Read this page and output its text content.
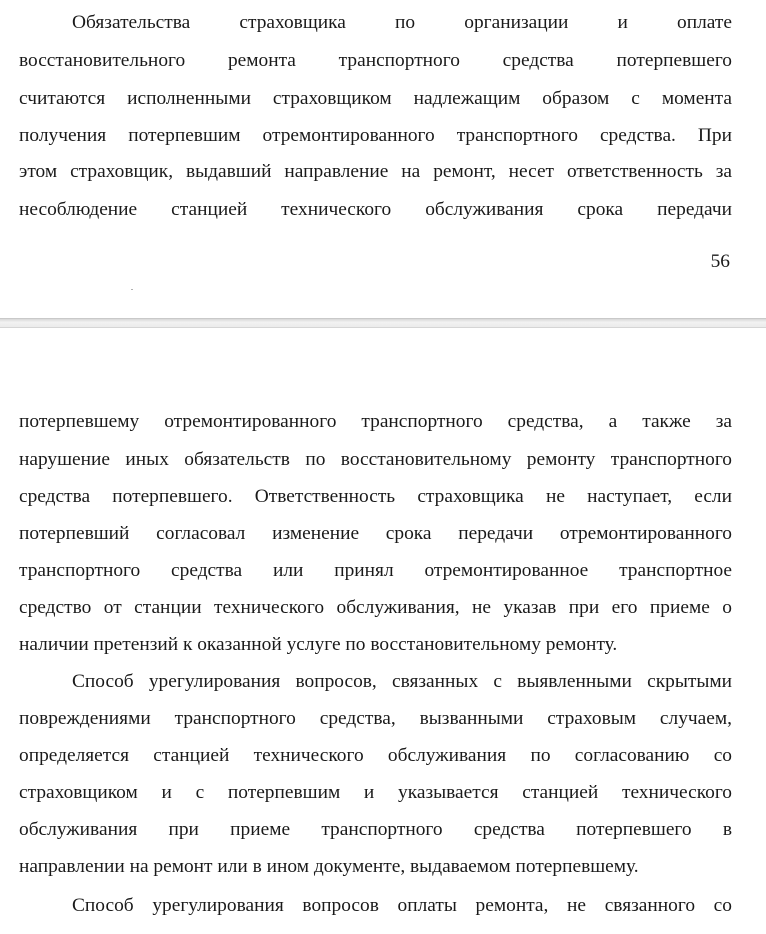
Обязательства страховщика по организации и оплате
восстановительного ремонта транспортного средства потерпевшего
считаются исполненными страховщиком надлежащим образом с момента
получения потерпевшим отремонтированного транспортного средства. При
этом страховщик, выдавший направление на ремонт, несет ответственность за
несоблюдение станцией технического обслуживания срока передачи
56
потерпевшему отремонтированного транспортного средства, а также за
нарушение иных обязательств по восстановительному ремонту транспортного
средства потерпевшего. Ответственность страховщика не наступает, если
потерпевший согласовал изменение срока передачи отремонтированного
транспортного средства или принял отремонтированное транспортное
средство от станции технического обслуживания, не указав при его приеме о
наличии претензий к оказанной услуге по восстановительному ремонту.
Способ урегулирования вопросов, связанных с выявленными скрытыми
повреждениями транспортного средства, вызванными страховым случаем,
определяется станцией технического обслуживания по согласованию со
страховщиком и с потерпевшим и указывается станцией технического
обслуживания при приеме транспортного средства потерпевшего в
направлении на ремонт или в ином документе, выдаваемом потерпевшему.
Способ урегулирования вопросов оплаты ремонта, не связанного со
